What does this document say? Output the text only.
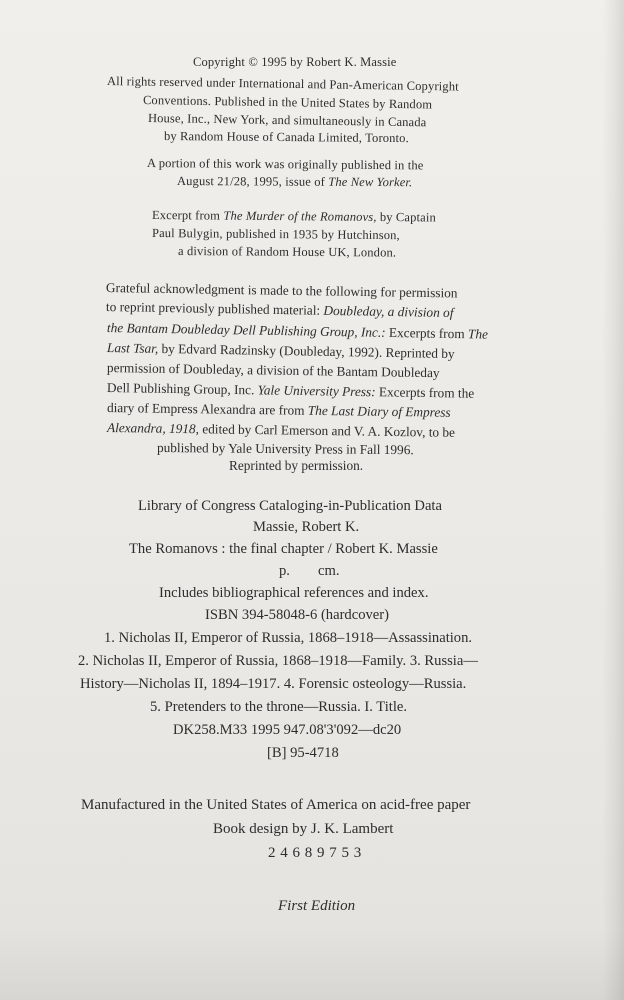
Copyright © 1995 by Robert K. Massie
All rights reserved under International and Pan-American Copyright
Conventions. Published in the United States by Random
House, Inc., New York, and simultaneously in Canada
by Random House of Canada Limited, Toronto.
A portion of this work was originally published in the
August 21/28, 1995, issue of The New Yorker.
Excerpt from The Murder of the Romanovs, by Captain
Paul Bulygin, published in 1935 by Hutchinson,
a division of Random House UK, London.
Grateful acknowledgment is made to the following for permission
to reprint previously published material: Doubleday, a division of
the Bantam Doubleday Dell Publishing Group, Inc.: Excerpts from The
Last Tsar, by Edvard Radzinsky (Doubleday, 1992). Reprinted by
permission of Doubleday, a division of the Bantam Doubleday
Dell Publishing Group, Inc. Yale University Press: Excerpts from the
diary of Empress Alexandra are from The Last Diary of Empress
Alexandra, 1918, edited by Carl Emerson and V. A. Kozlov, to be
published by Yale University Press in Fall 1996.
Reprinted by permission.
Library of Congress Cataloging-in-Publication Data
Massie, Robert K.
The Romanovs : the final chapter / Robert K. Massie
p. cm.
Includes bibliographical references and index.
ISBN 394-58048-6 (hardcover)
1. Nicholas II, Emperor of Russia, 1868–1918—Assassination.
2. Nicholas II, Emperor of Russia, 1868–1918—Family. 3. Russia—
History—Nicholas II, 1894–1917. 4. Forensic osteology—Russia.
5. Pretenders to the throne—Russia. I. Title.
DK258.M33 1995 947.08'3'092—dc20
[B] 95-4718
Manufactured in the United States of America on acid-free paper
Book design by J. K. Lambert
2 4 6 8 9 7 5 3
First Edition
